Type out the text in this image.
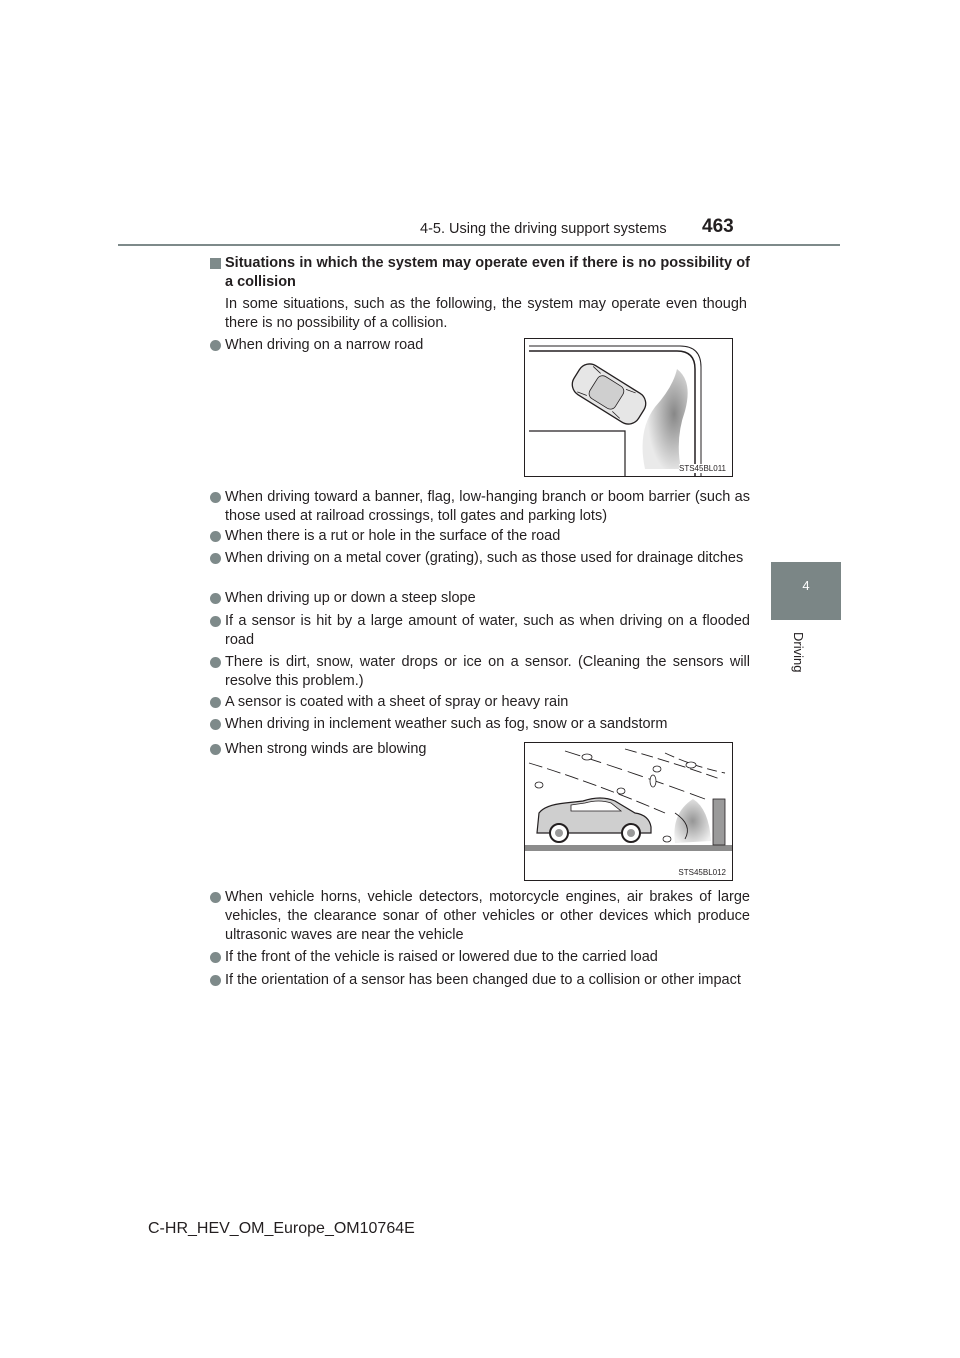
4-5. Using the driving support systems 463
4
Driving
Situations in which the system may operate even if there is no possibility of a collision
In some situations, such as the following, the system may operate even though there is no possibility of a collision.
When driving on a narrow road
STS45BL011
When driving toward a banner, flag, low-hanging branch or boom barrier (such as those used at railroad crossings, toll gates and parking lots)
When there is a rut or hole in the surface of the road
When driving on a metal cover (grating), such as those used for drainage ditches
When driving up or down a steep slope
If a sensor is hit by a large amount of water, such as when driving on a flooded road
There is dirt, snow, water drops or ice on a sensor. (Cleaning the sensors will resolve this problem.)
A sensor is coated with a sheet of spray or heavy rain
When driving in inclement weather such as fog, snow or a sandstorm
When strong winds are blowing
STS45BL012
When vehicle horns, vehicle detectors, motorcycle engines, air brakes of large vehicles, the clearance sonar of other vehicles or other devices which produce ultrasonic waves are near the vehicle
If the front of the vehicle is raised or lowered due to the carried load
If the orientation of a sensor has been changed due to a collision or other impact
C-HR_HEV_OM_Europe_OM10764E
